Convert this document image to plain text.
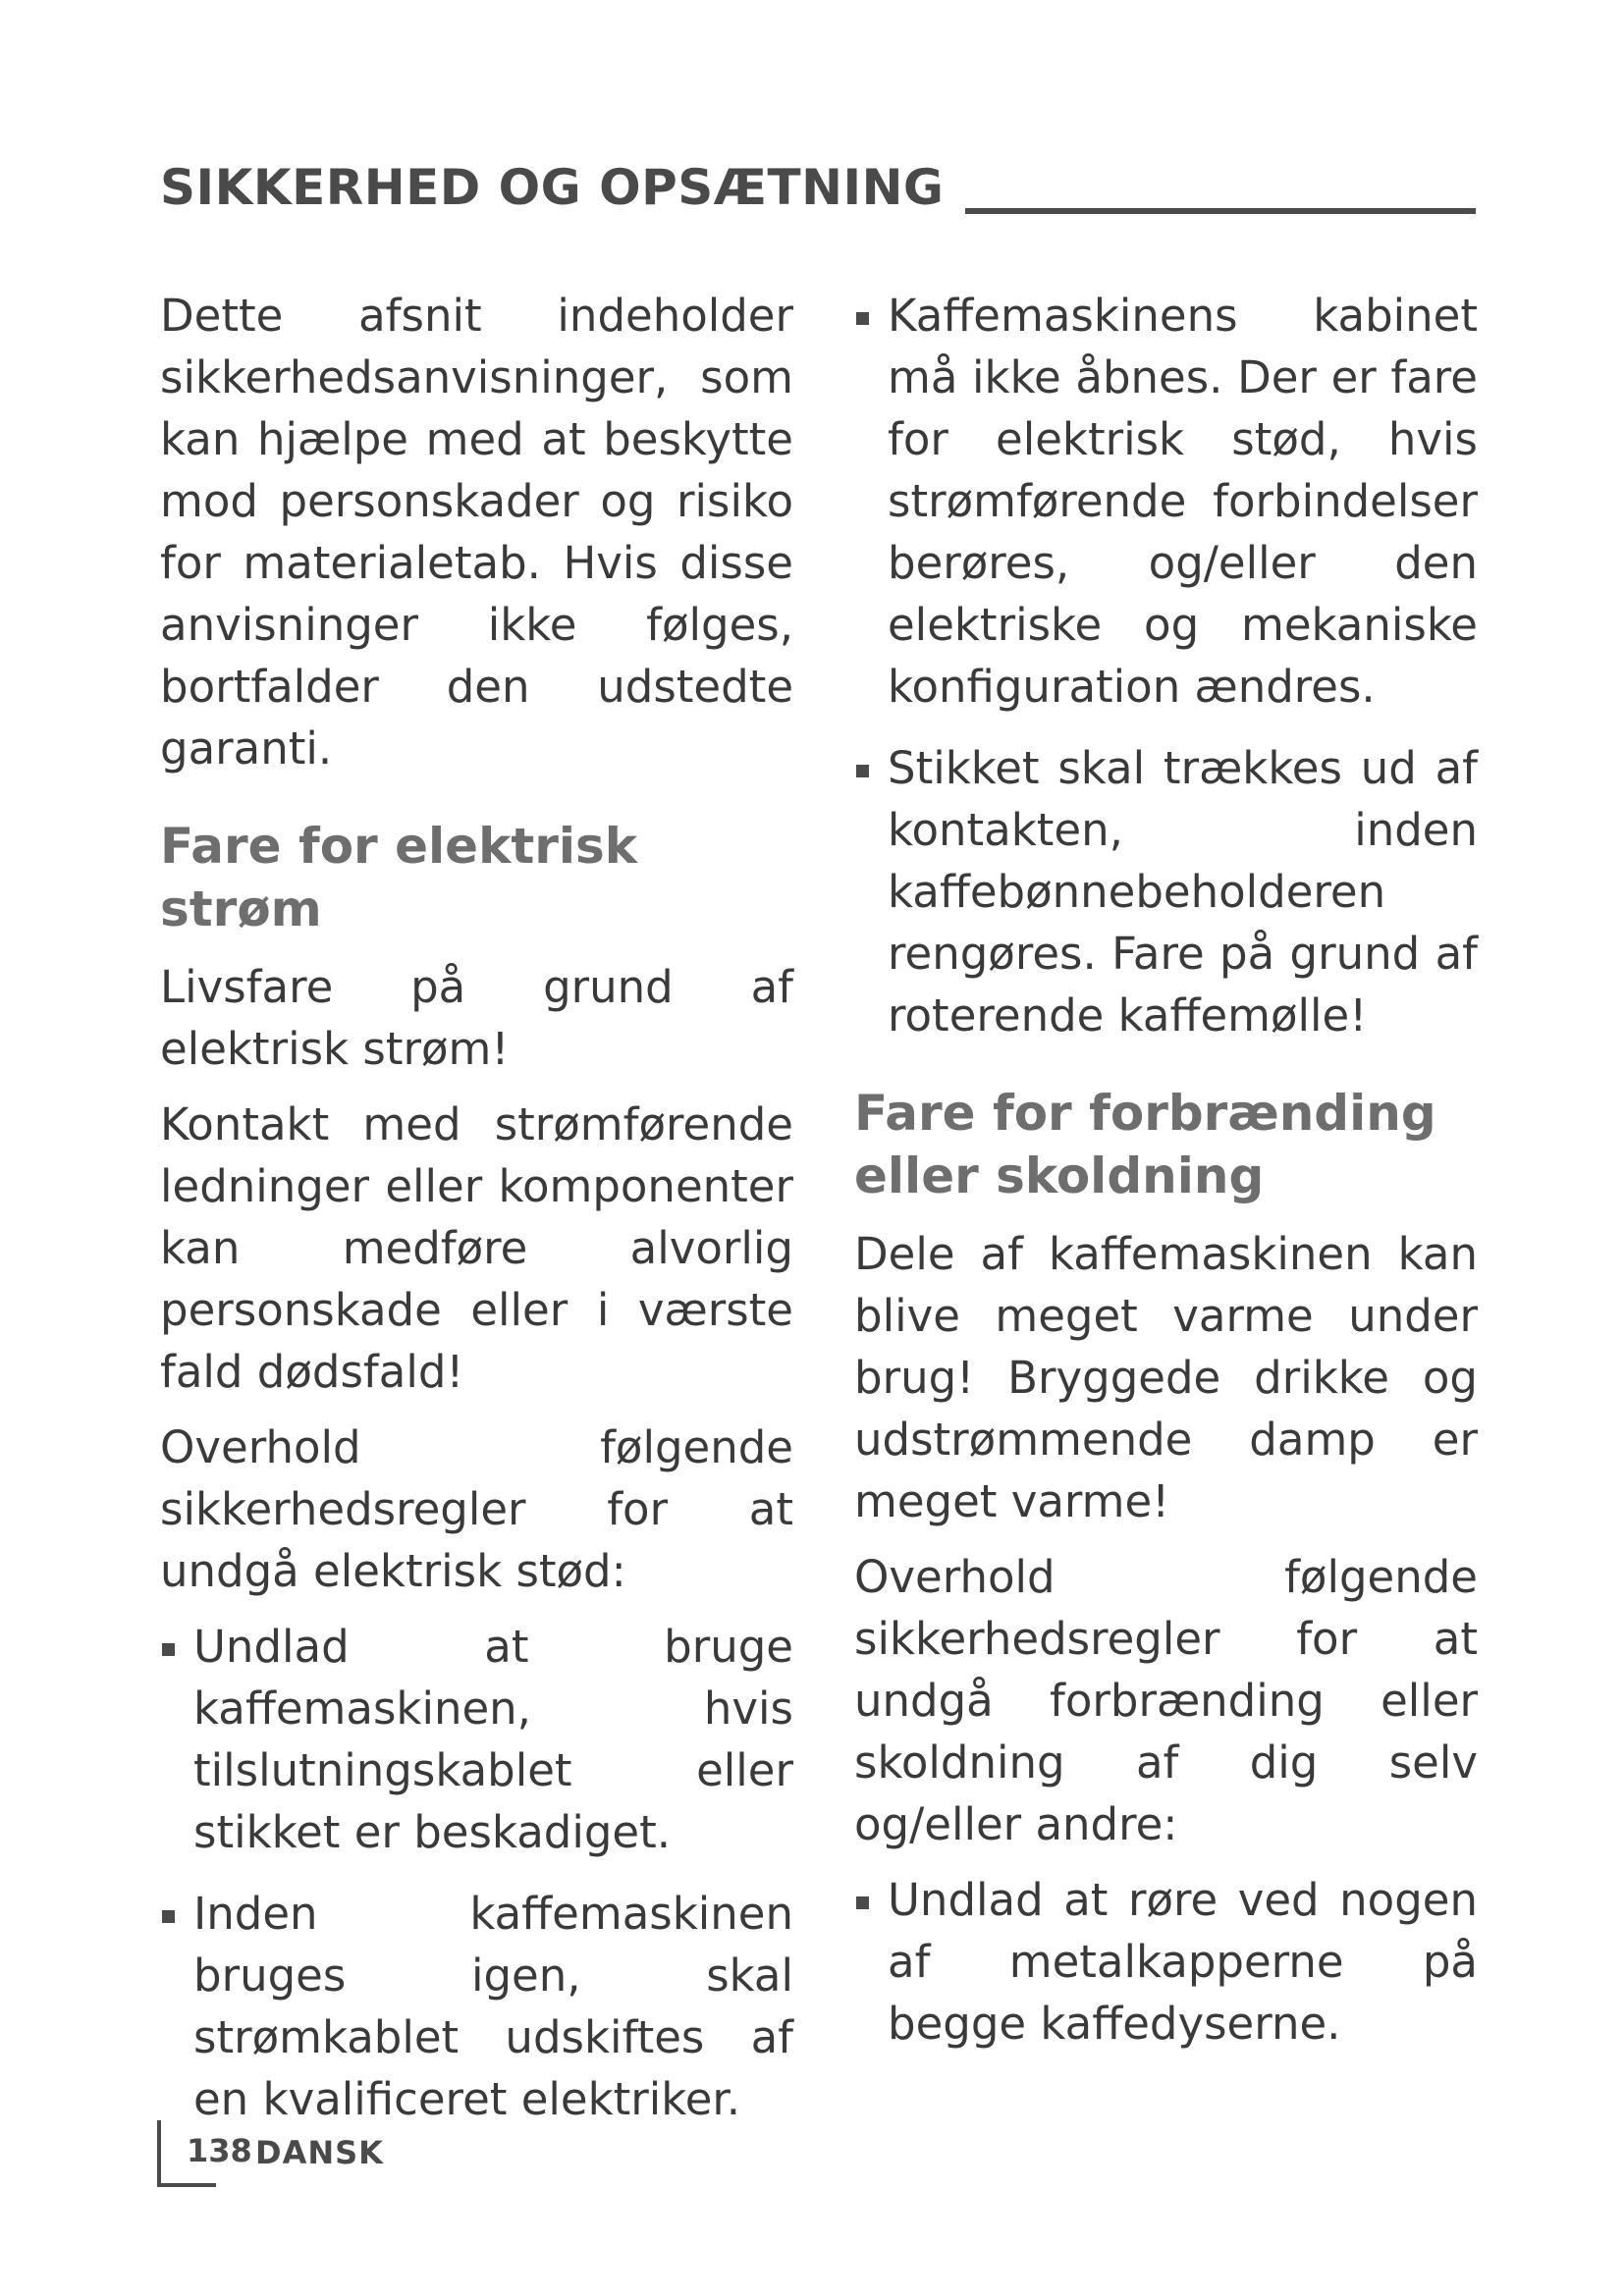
SIKKERHED OG OPSÆTNING

Dette afsnit indeholder sikkerhedsanvisninger, som kan hjælpe med at beskytte mod personskader og risiko for materialetab. Hvis disse anvisninger ikke følges, bortfalder den udstedte garanti.

Fare for elektrisk strøm

Livsfare på grund af elektrisk strøm!

Kontakt med strømførende ledninger eller komponenter kan medføre alvorlig personskade eller i værste fald dødsfald!

Overhold følgende sikkerhedsregler for at undgå elektrisk stød:

Undlad at bruge kaffemaskinen, hvis tilslutningskablet eller stikket er beskadiget.
Inden kaffemaskinen bruges igen, skal strømkablet udskiftes af en kvalificeret elektriker.
Kaffemaskinens kabinet må ikke åbnes. Der er fare for elektrisk stød, hvis strømførende forbindelser berøres, og/eller den elektriske og mekaniske konfiguration ændres.
Stikket skal trækkes ud af kontakten, inden kaffebønnebeholderen rengøres. Fare på grund af roterende kaffemølle!
Fare for forbrænding eller skoldning

Dele af kaffemaskinen kan blive meget varme under brug! Bryggede drikke og udstrømmende damp er meget varme!

Overhold følgende sikkerhedsregler for at undgå forbrænding eller skoldning af dig selv og/eller andre:

Undlad at røre ved nogen af metalkapperne på begge kaffedyserne.
138 DANSK
